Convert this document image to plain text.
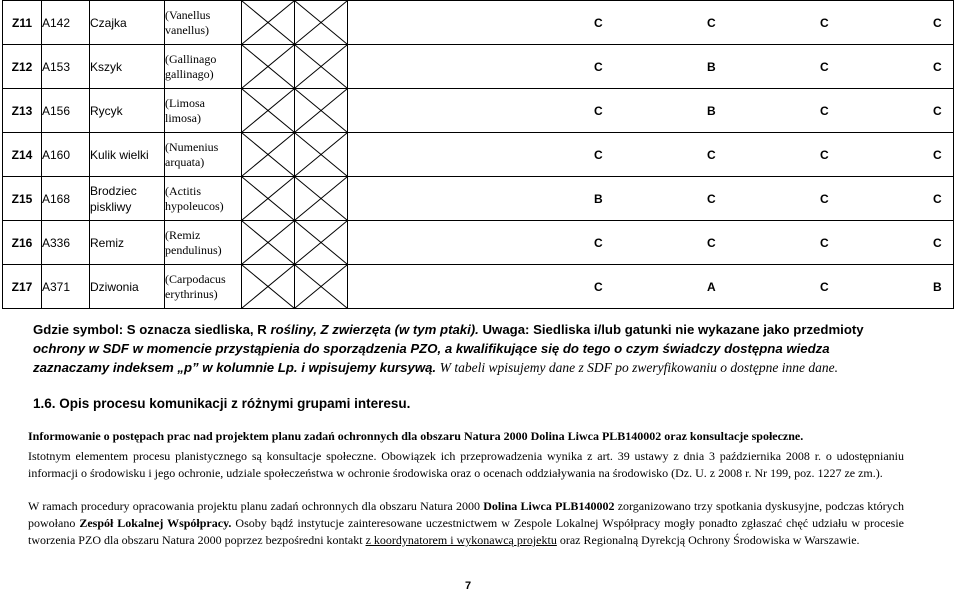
Z11	A142	Czajka	(Vanellus vanellus)			C C C C

Z12	A153	Kszyk	(Gallinago gallinago)			C B C C

Z13	A156	Rycyk	(Limosa limosa)			C B C C

Z14	A160	Kulik wielki	(Numenius arquata)			C C C C

Z15	A168	Brodziec piskliwy	(Actitis hypoleucos)			B C C C

Z16	A336	Remiz	(Remiz pendulinus)			C C C C

Z17	A371	Dziwonia	(Carpodacus erythrinus)			C A C B
Gdzie symbol: S oznacza siedliska, R rośliny, Z zwierzęta (w tym ptaki). Uwaga: Siedliska i/lub gatunki nie wykazane jako przedmioty ochrony w SDF w momencie przystąpienia do sporządzenia PZO, a kwalifikujące się do tego o czym świadczy dostępna wiedza zaznaczamy indeksem „p” w kolumnie Lp. i wpisujemy kursywą. W tabeli wpisujemy dane z SDF po zweryfikowaniu o dostępne inne dane.
1.6. Opis procesu komunikacji z różnymi grupami interesu.
Informowanie o postępach prac nad projektem planu zadań ochronnych dla obszaru Natura 2000 Dolina Liwca PLB140002 oraz konsultacje społeczne.
Istotnym elementem procesu planistycznego są konsultacje społeczne. Obowiązek ich przeprowadzenia wynika z art. 39 ustawy z dnia 3 października 2008 r. o udostępnianiu informacji o środowisku i jego ochronie, udziale społeczeństwa w ochronie środowiska oraz o ocenach oddziaływania na środowisko (Dz. U. z 2008 r. Nr 199, poz. 1227 ze zm.).
W ramach procedury opracowania projektu planu zadań ochronnych dla obszaru Natura 2000 Dolina Liwca PLB140002 zorganizowano trzy spotkania dyskusyjne, podczas których powołano Zespół Lokalnej Współpracy. Osoby bądź instytucje zainteresowane uczestnictwem w Zespole Lokalnej Współpracy mogły ponadto zgłaszać chęć udziału w procesie tworzenia PZO dla obszaru Natura 2000 poprzez bezpośredni kontakt z koordynatorem i wykonawcą projektu oraz Regionalną Dyrekcją Ochrony Środowiska w Warszawie.
7
